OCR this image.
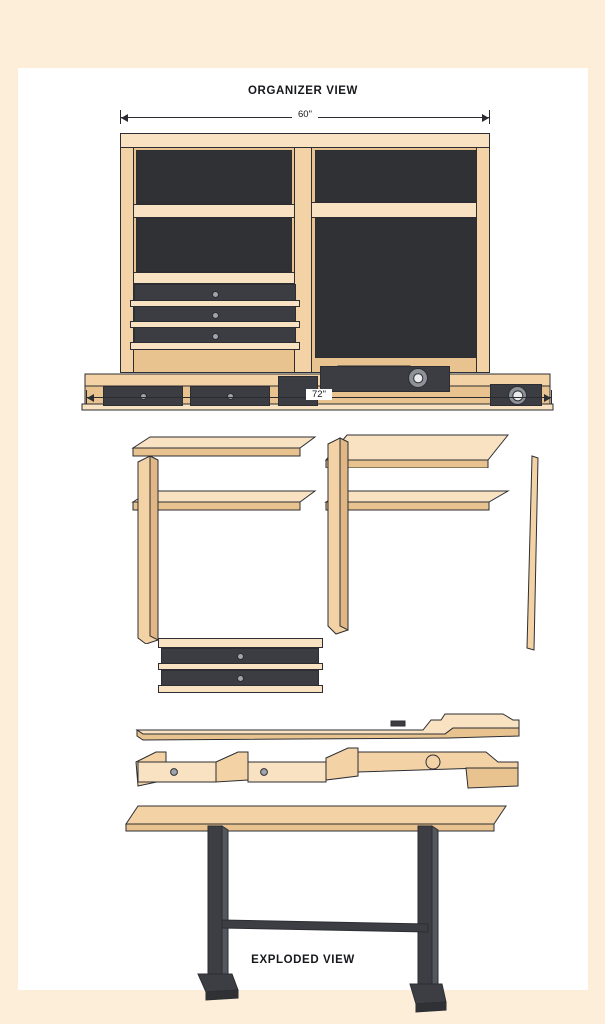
ORGANIZER VIEW
EXPLODED VIEW
60"
72"
